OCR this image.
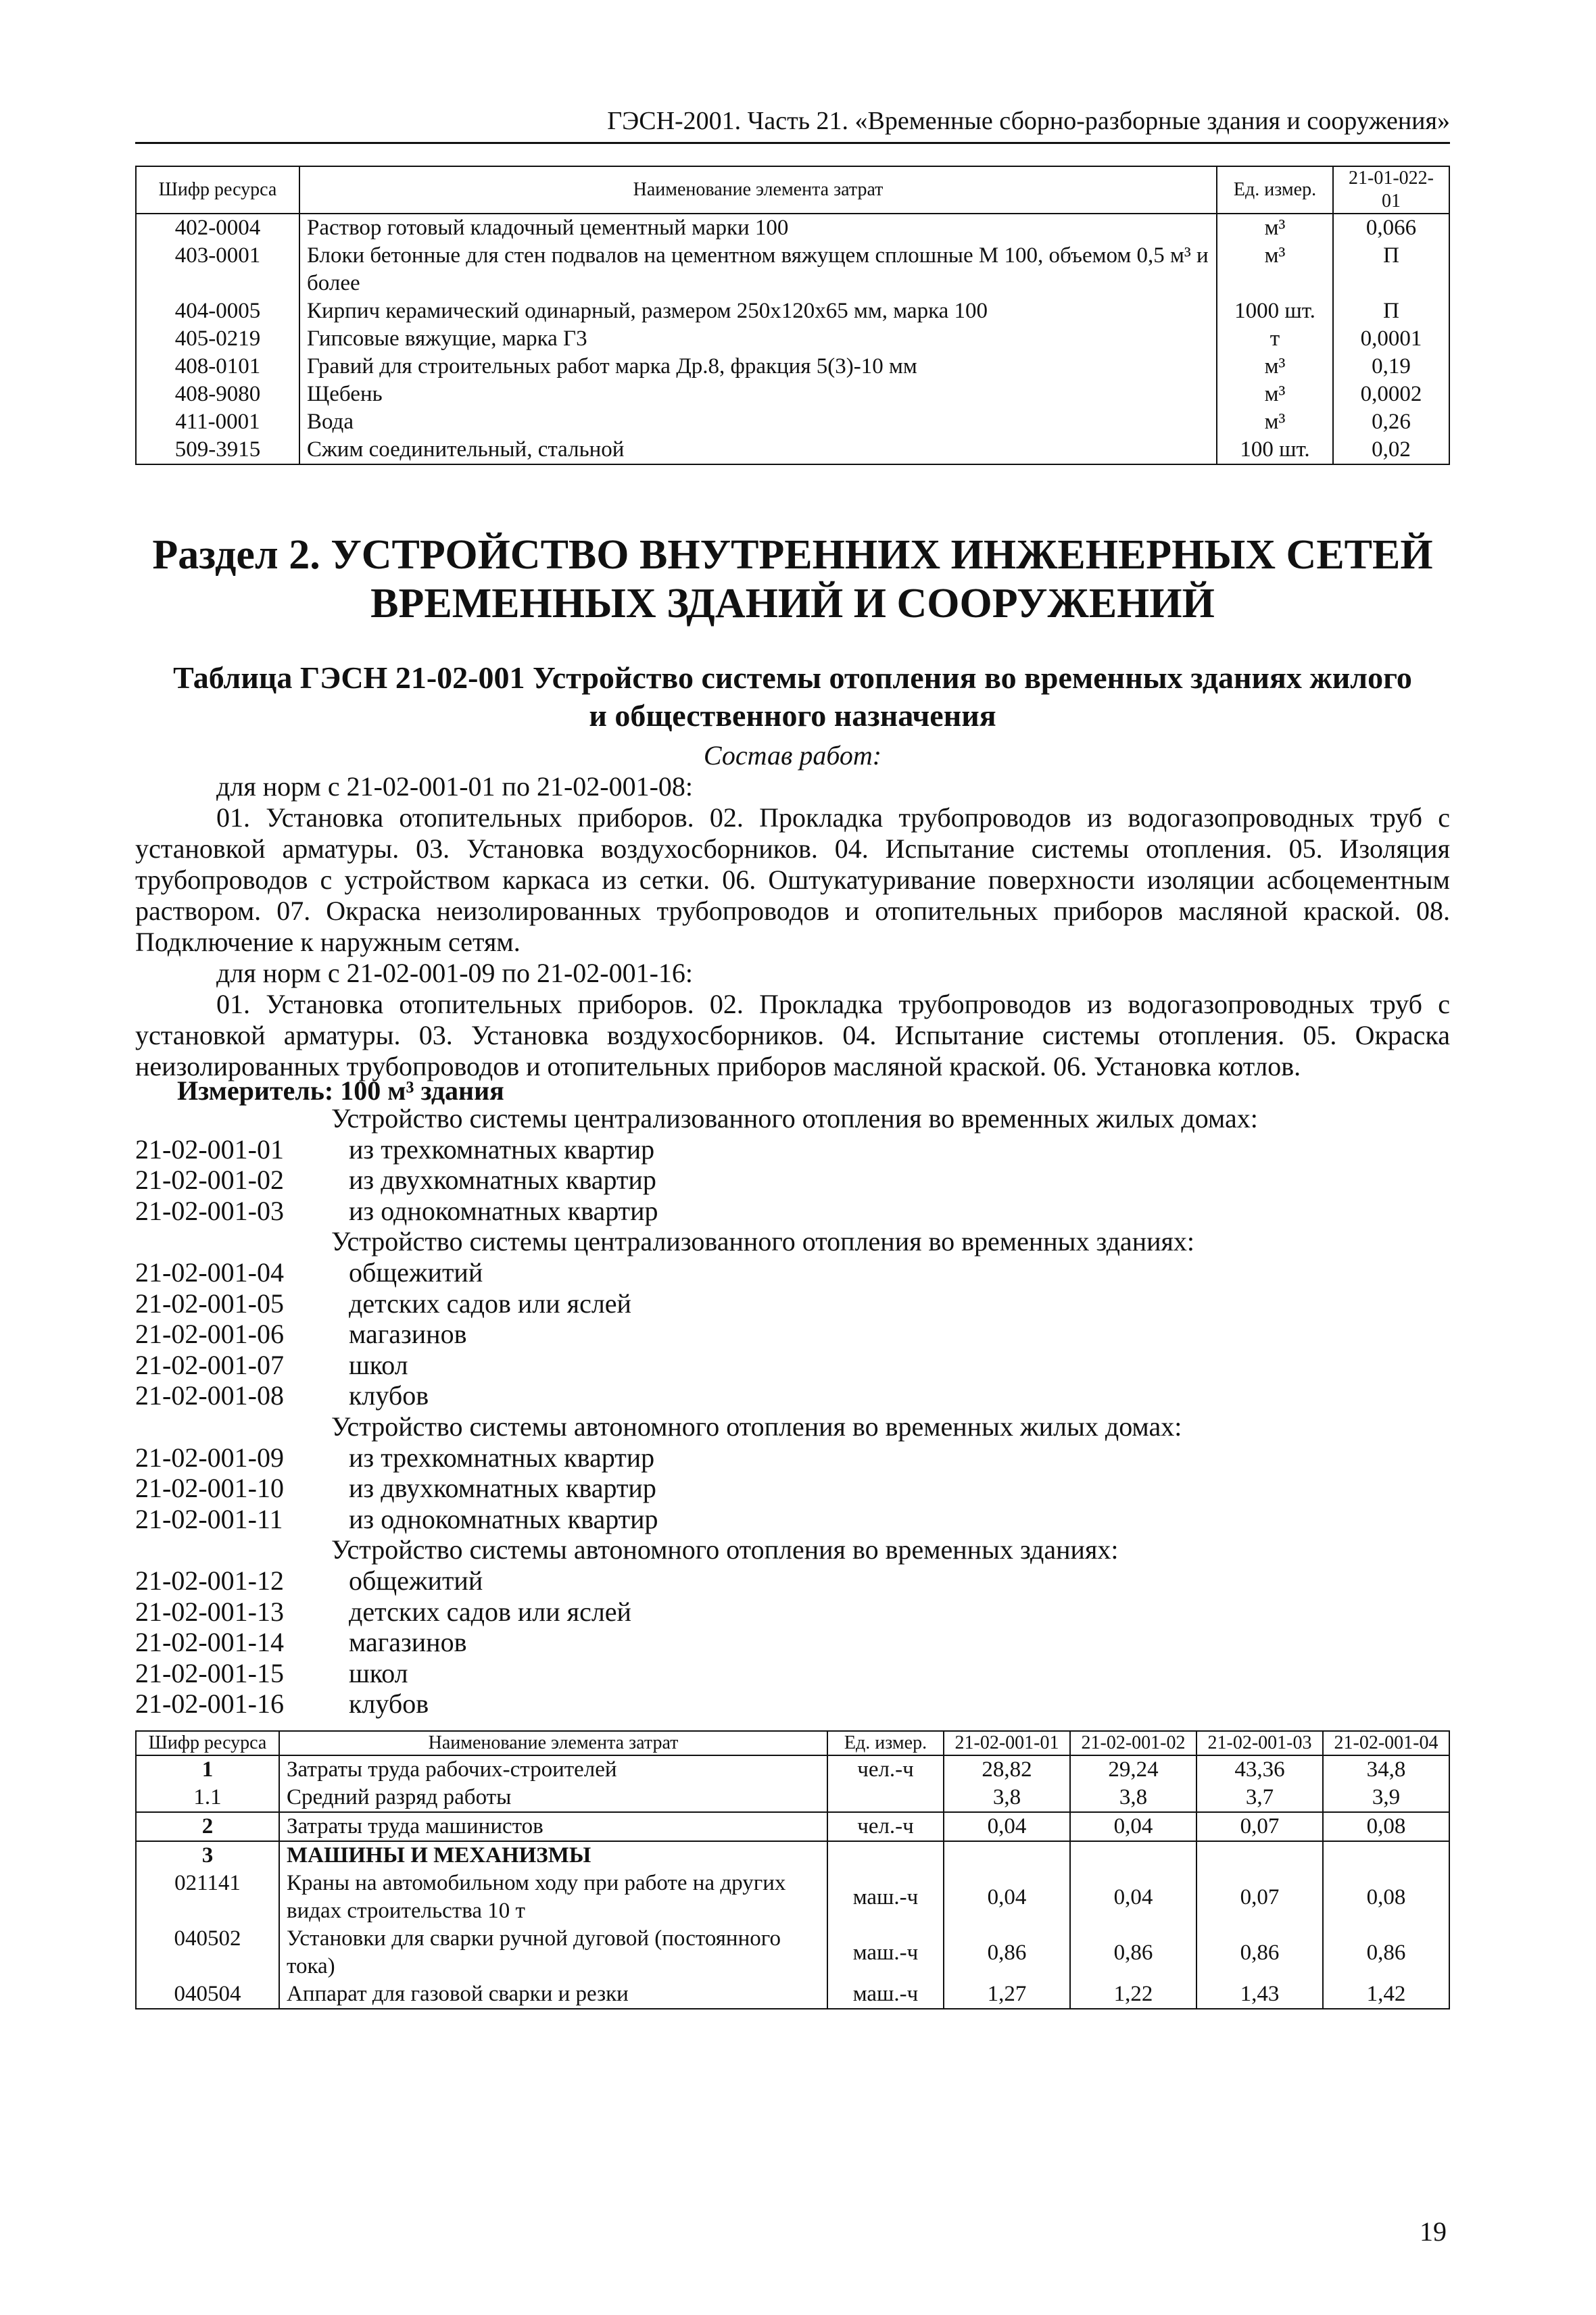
ГЭСН-2001. Часть 21. «Временные сборно-разборные здания и сооружения»
Шифр ресурса	Наименование элемента затрат	Ед. измер.	21-01-022-01
402-0004	Раствор готовый кладочный цементный марки 100	м³	0,066
403-0001	Блоки бетонные для стен подвалов на цементном вяжущем сплошные М 100, объемом 0,5 м³ и более	м³	П
404-0005	Кирпич керамический одинарный, размером 250х120х65 мм, марка 100	1000 шт.	П
405-0219	Гипсовые вяжущие, марка Г3	т	0,0001
408-0101	Гравий для строительных работ марка Др.8, фракция 5(3)-10 мм	м³	0,19
408-9080	Щебень	м³	0,0002
411-0001	Вода	м³	0,26
509-3915	Сжим соединительный, стальной	100 шт.	0,02
Раздел 2. УСТРОЙСТВО ВНУТРЕННИХ ИНЖЕНЕРНЫХ СЕТЕЙ
ВРЕМЕННЫХ ЗДАНИЙ И СООРУЖЕНИЙ
Таблица ГЭСН 21-02-001 Устройство системы отопления во временных зданиях жилого
и общественного назначения
Состав работ:

для норм с 21-02-001-01 по 21-02-001-08:

01. Установка отопительных приборов. 02. Прокладка трубопроводов из водогазопроводных труб с установкой арматуры. 03. Установка воздухосборников. 04. Испытание системы отопления. 05. Изоляция трубопроводов с устройством каркаса из сетки. 06. Оштукатуривание поверхности изоляции асбоцементным раствором. 07. Окраска неизолированных трубопроводов и отопительных приборов масляной краской. 08. Подключение к наружным сетям.

для норм с 21-02-001-09 по 21-02-001-16:

01. Установка отопительных приборов. 02. Прокладка трубопроводов из водогазопроводных труб с установкой арматуры. 03. Установка воздухосборников. 04. Испытание системы отопления. 05. Окраска неизолированных трубопроводов и отопительных приборов масляной краской. 06. Установка котлов.

Измеритель: 100 м³ здания
Устройство системы централизованного отопления во временных жилых домах:
21-02-001-01	из трехкомнатных квартир
21-02-001-02	из двухкомнатных квартир
21-02-001-03	из однокомнатных квартир
Устройство системы централизованного отопления во временных зданиях:
21-02-001-04	общежитий
21-02-001-05	детских садов или яслей
21-02-001-06	магазинов
21-02-001-07	школ
21-02-001-08	клубов
Устройство системы автономного отопления во временных жилых домах:
21-02-001-09	из трехкомнатных квартир
21-02-001-10	из двухкомнатных квартир
21-02-001-11	из однокомнатных квартир
Устройство системы автономного отопления во временных зданиях:
21-02-001-12	общежитий
21-02-001-13	детских садов или яслей
21-02-001-14	магазинов
21-02-001-15	школ
21-02-001-16	клубов
Шифр ресурса	Наименование элемента затрат	Ед. измер.	21-02-001-01	21-02-001-02	21-02-001-03	21-02-001-04
1	Затраты труда рабочих-строителей	чел.-ч	28,82	29,24	43,36	34,8
1.1	Средний разряд работы		3,8	3,8	3,7	3,9
2	Затраты труда машинистов	чел.-ч	0,04	0,04	0,07	0,08
3	МАШИНЫ И МЕХАНИЗМЫ					
021141	Краны на автомобильном ходу при работе на других видах строительства 10 т	маш.-ч	0,04	0,04	0,07	0,08
040502	Установки для сварки ручной дуговой (постоянного тока)	маш.-ч	0,86	0,86	0,86	0,86
040504	Аппарат для газовой сварки и резки	маш.-ч	1,27	1,22	1,43	1,42
19
